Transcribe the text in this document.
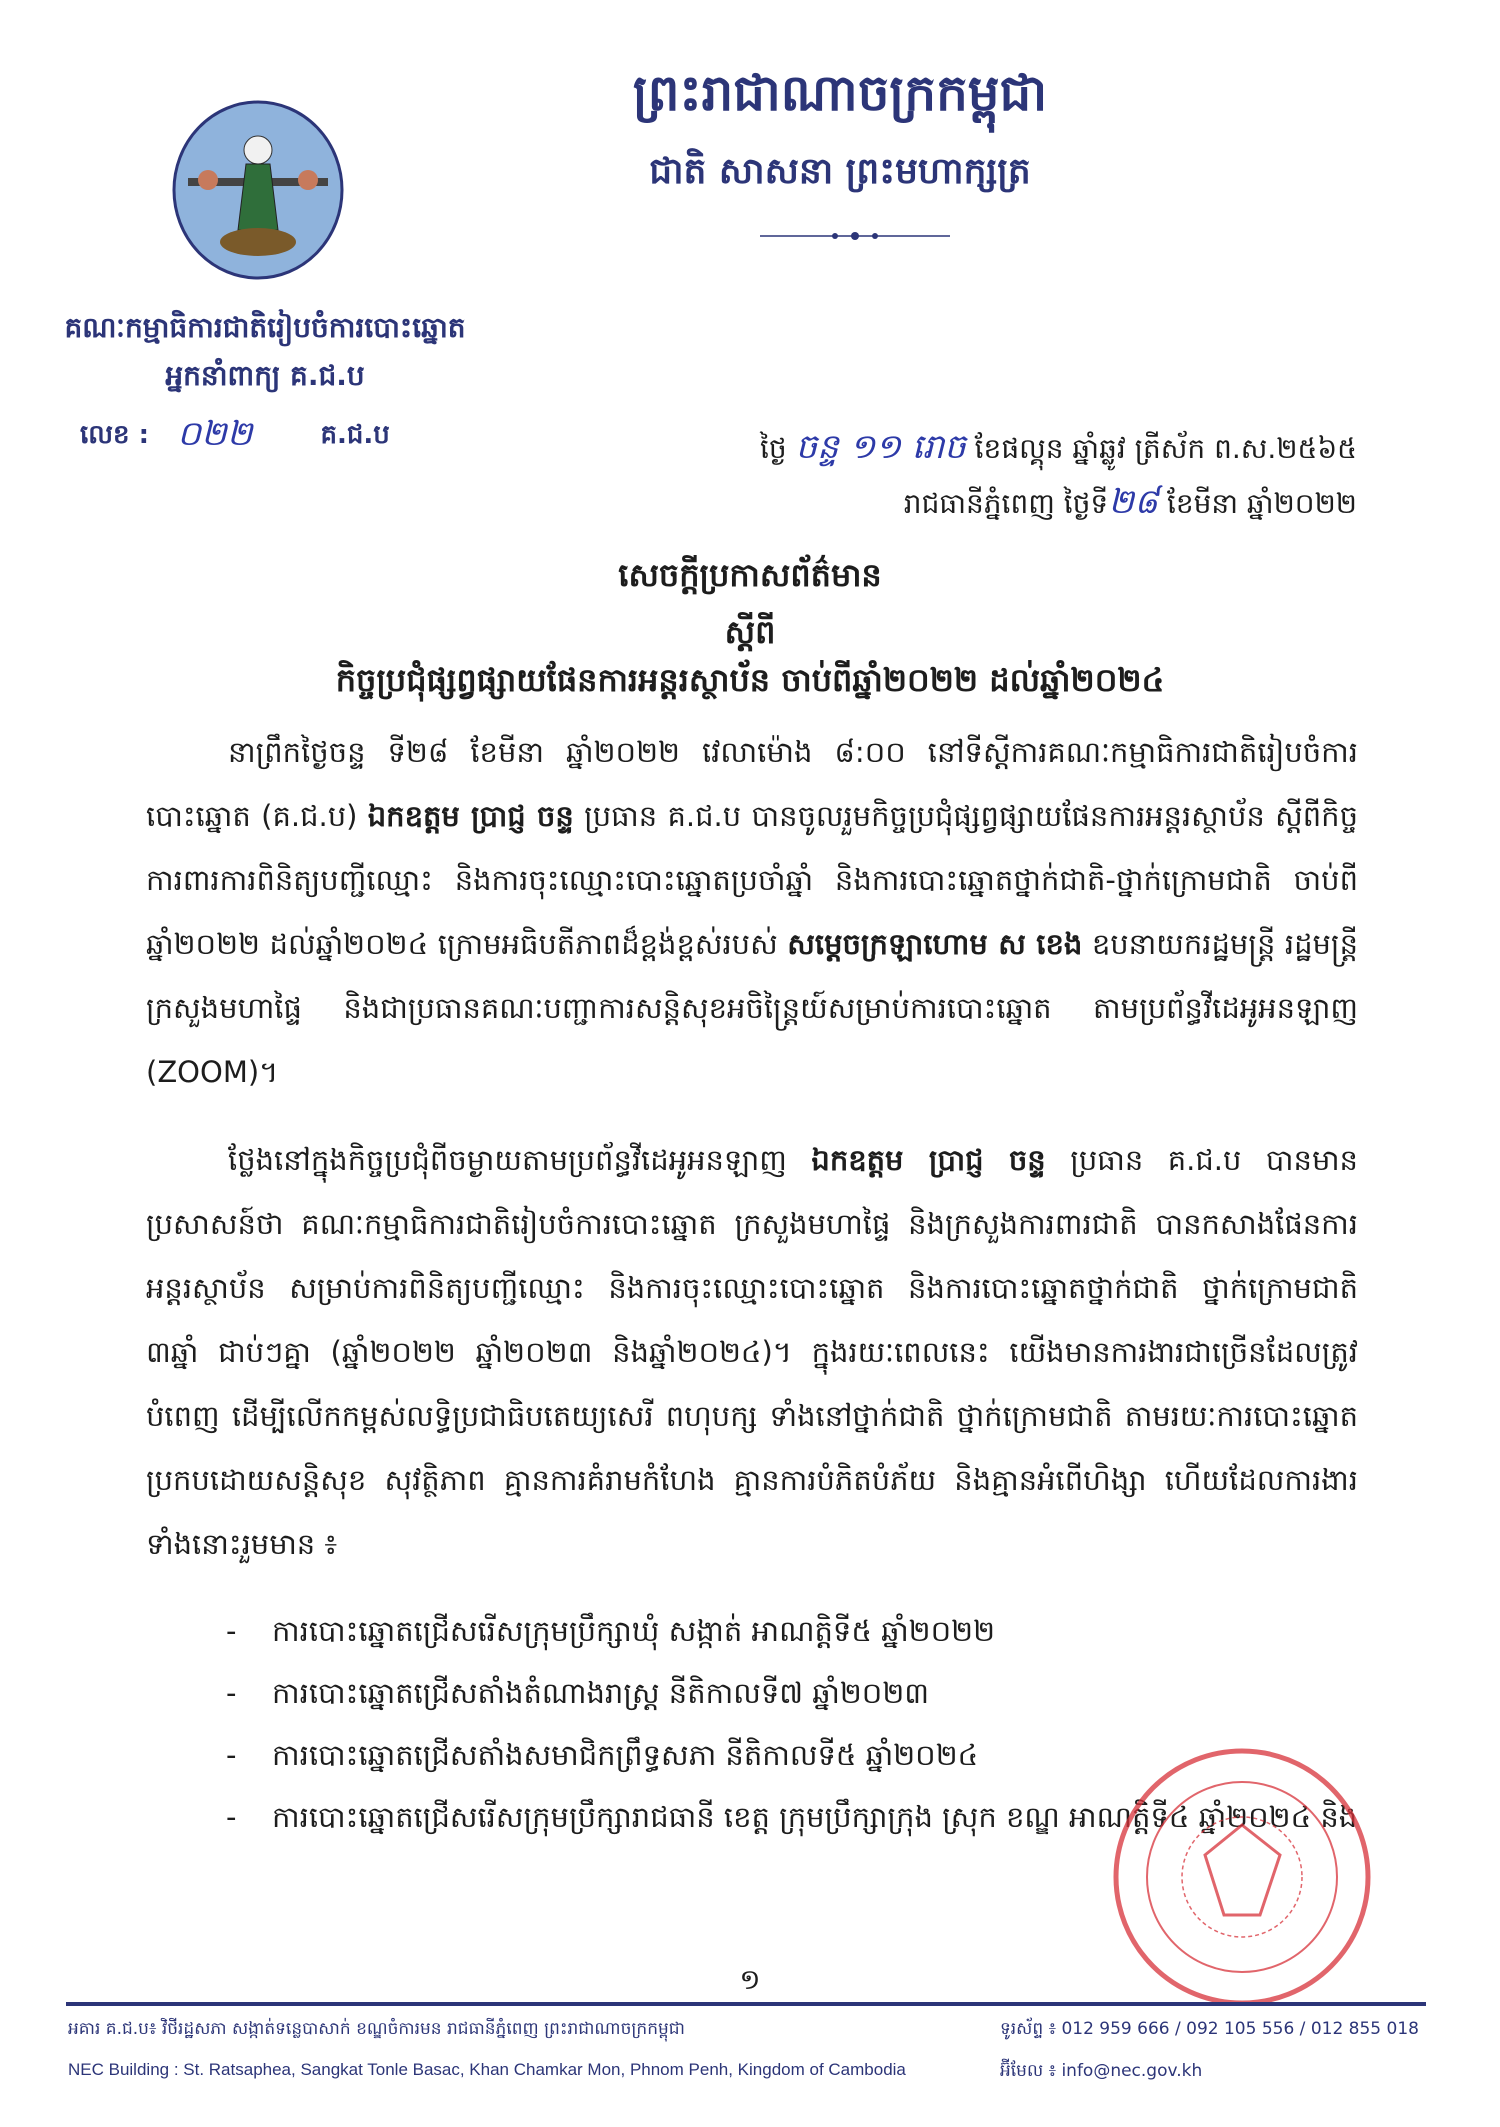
ព្រះរាជាណាចក្រកម្ពុជា
ជាតិ សាសនា ព្រះមហាក្សត្រ
គណៈកម្មាធិការជាតិរៀបចំការបោះឆ្នោត
អ្នកនាំពាក្យ គ.ជ.ប
លេខ : ០២២	គ.ជ.ប	ថ្ងៃ ចន្ទ ១១ រោច ខែផល្គុន ឆ្នាំឆ្លូវ ត្រីស័ក ព.ស.២៥៦៥
រាជធានីភ្នំពេញ ថ្ងៃទី២៨ ខែមីនា ឆ្នាំ២០២២
សេចក្តីប្រកាសព័ត៌មាន
ស្តីពី
កិច្ចប្រជុំផ្សព្វផ្សាយផែនការអន្តរស្ថាប័ន ចាប់ពីឆ្នាំ២០២២ ដល់ឆ្នាំ២០២៤

នាព្រឹកថ្ងៃចន្ទ ទី២៨ ខែមីនា ឆ្នាំ២០២២ វេលាម៉ោង ៨:០០ នៅទីស្តីការគណៈកម្មាធិការជាតិរៀបចំការបោះឆ្នោត (គ.ជ.ប) ឯកឧត្តម ប្រាជ្ញ ចន្ទ ប្រធាន គ.ជ.ប បានចូលរួមកិច្ចប្រជុំផ្សព្វផ្សាយផែនការអន្តរស្ថាប័ន ស្តីពីកិច្ចការពារការពិនិត្យបញ្ជីឈ្មោះ និងការចុះឈ្មោះបោះឆ្នោតប្រចាំឆ្នាំ និងការបោះឆ្នោតថ្នាក់ជាតិ-ថ្នាក់ក្រោមជាតិ ចាប់ពីឆ្នាំ២០២២ ដល់ឆ្នាំ២០២៤ ក្រោមអធិបតីភាពដ៏ខ្ពង់ខ្ពស់របស់ សម្តេចក្រឡាហោម ស ខេង ឧបនាយករដ្ឋមន្ត្រី រដ្ឋមន្ត្រីក្រសួងមហាផ្ទៃ និងជាប្រធានគណៈបញ្ជាការសន្តិសុខអចិន្ត្រៃយ៍សម្រាប់ការបោះឆ្នោត តាមប្រព័ន្ធវីដេអូអនឡាញ (ZOOM)។

ថ្លែងនៅក្នុងកិច្ចប្រជុំពីចម្ងាយតាមប្រព័ន្ធវីដេអូអនឡាញ ឯកឧត្តម ប្រាជ្ញ ចន្ទ ប្រធាន គ.ជ.ប បានមានប្រសាសន៍ថា គណៈកម្មាធិការជាតិរៀបចំការបោះឆ្នោត ក្រសួងមហាផ្ទៃ និងក្រសួងការពារជាតិ បានកសាងផែនការអន្តរស្ថាប័ន សម្រាប់ការពិនិត្យបញ្ជីឈ្មោះ និងការចុះឈ្មោះបោះឆ្នោត និងការបោះឆ្នោតថ្នាក់ជាតិ ថ្នាក់ក្រោមជាតិ ៣ឆ្នាំ ជាប់ៗគ្នា (ឆ្នាំ២០២២ ឆ្នាំ២០២៣ និងឆ្នាំ២០២៤)។ ក្នុងរយៈពេលនេះ យើងមានការងារជាច្រើនដែលត្រូវបំពេញ ដើម្បីលើកកម្ពស់លទ្ធិប្រជាធិបតេយ្យសេរី ពហុបក្ស ទាំងនៅថ្នាក់ជាតិ ថ្នាក់ក្រោមជាតិ តាមរយៈការបោះឆ្នោតប្រកបដោយសន្តិសុខ សុវត្ថិភាព គ្មានការគំរាមកំហែង គ្មានការបំភិតបំភ័យ និងគ្មានអំពើហិង្សា ហើយដែលការងារទាំងនោះរួមមាន ៖

- ការបោះឆ្នោតជ្រើសរើសក្រុមប្រឹក្សាឃុំ សង្កាត់ អាណត្តិទី៥ ឆ្នាំ២០២២
- ការបោះឆ្នោតជ្រើសតាំងតំណាងរាស្ត្រ នីតិកាលទី៧ ឆ្នាំ២០២៣
- ការបោះឆ្នោតជ្រើសតាំងសមាជិកព្រឹទ្ធសភា នីតិកាលទី៥ ឆ្នាំ២០២៤
- ការបោះឆ្នោតជ្រើសរើសក្រុមប្រឹក្សារាជធានី ខេត្ត ក្រុមប្រឹក្សាក្រុង ស្រុក ខណ្ឌ អាណត្តិទី៤ ឆ្នាំ២០២៤ និង
១
អគារ គ.ជ.ប៖ វិថីរដ្ឋសភា សង្កាត់ទន្លេបាសាក់ ខណ្ឌចំការមន រាជធានីភ្នំពេញ ព្រះរាជាណាចក្រកម្ពុជា	ទូរស័ព្ទ ៖ 012 959 666 / 092 105 556 / 012 855 018
NEC Building : St. Ratsaphea, Sangkat Tonle Basac, Khan Chamkar Mon, Phnom Penh, Kingdom of Cambodia	អ៊ីមែល ៖ info@nec.gov.kh
